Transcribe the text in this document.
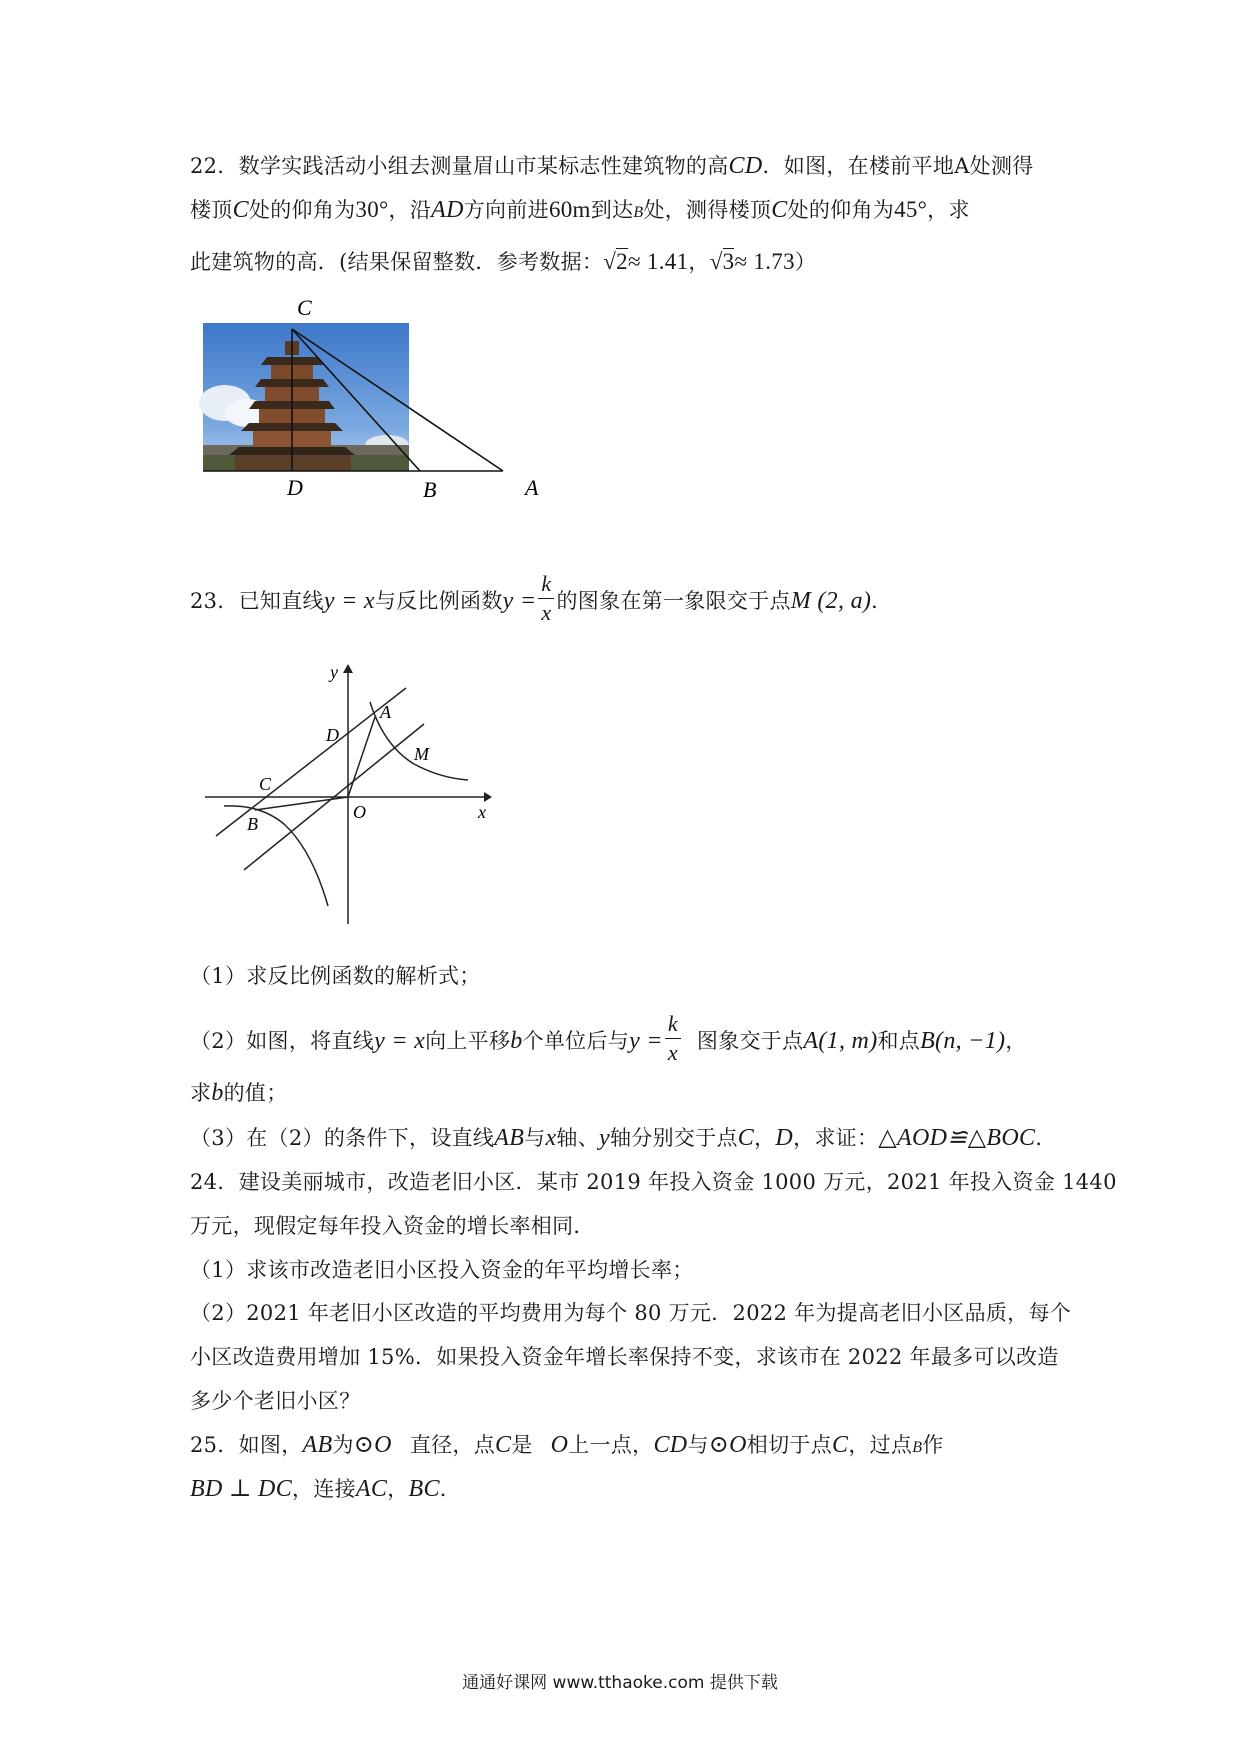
22．数学实践活动小组去测量眉山市某标志性建筑物的高CD．如图，在楼前平地A处测得
楼顶C处的仰角为30°，沿AD方向前进60m到达B处，测得楼顶C处的仰角为45°，求
此建筑物的高．(结果保留整数．参考数据：√2≈ 1.41，√3≈ 1.73）
C
D	B	A
23．已知直线y = x与反比例函数$y = \frac{k}{x}$ 的图象在第一象限交于点M (2, a)．
y
x
O
A
B
C
D
M
（1）求反比例函数的解析式；
（2）如图，将直线y = x向上平移b个单位后与$y = \frac{k}{x}$ 图象交于点A(1, m)和点B(n, −1)，
求b的值；
（3）在（2）的条件下，设直线AB与x轴、y轴分别交于点C，D，求证：△AOD≌△BOC．
24．建设美丽城市，改造老旧小区．某市 2019 年投入资金 1000 万元，2021 年投入资金 1440
万元，现假定每年投入资金的增长率相同．
（1）求该市改造老旧小区投入资金的年平均增长率；
（2）2021 年老旧小区改造的平均费用为每个 80 万元．2022 年为提高老旧小区品质，每个
小区改造费用增加 15%．如果投入资金年增长率保持不变，求该市在 2022 年最多可以改造
多少个老旧小区？
25．如图，AB为⊙O 直径，点C是 O上一点，CD与⊙O相切于点C，过点B作
BD ⊥ DC，连接AC，BC．
通通好课网 www.tthaoke.com 提供下载
